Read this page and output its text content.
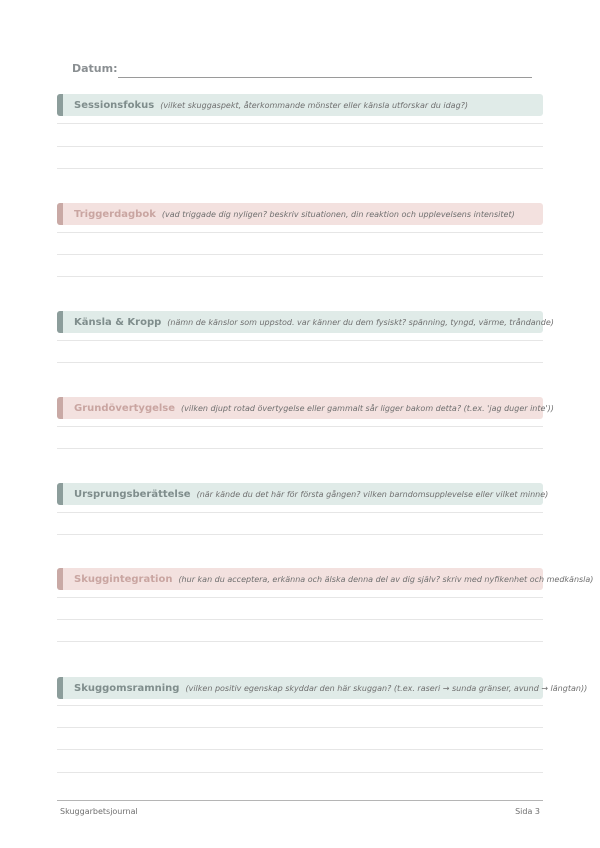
Datum:
Sessionsfokus (vilket skuggaspekt, återkommande mönster eller känsla utforskar du idag?)
Triggerdagbok (vad triggade dig nyligen? beskriv situationen, din reaktion och upplevelsens intensitet)
Känsla & Kropp (nämn de känslor som uppstod. var känner du dem fysiskt? spänning, tyngd, värme, tråndande)
Grundövertygelse (vilken djupt rotad övertygelse eller gammalt sår ligger bakom detta? (t.ex. 'jag duger inte'))
Ursprungsberättelse (när kände du det här för första gången? vilken barndomsupplevelse eller vilket minne)
Skuggintegration (hur kan du acceptera, erkänna och älska denna del av dig själv? skriv med nyfikenhet och medkänsla)
Skuggomsramning (vilken positiv egenskap skyddar den här skuggan? (t.ex. raseri → sunda gränser, avund → längtan))
Skuggarbetsjournal	Sida 3
